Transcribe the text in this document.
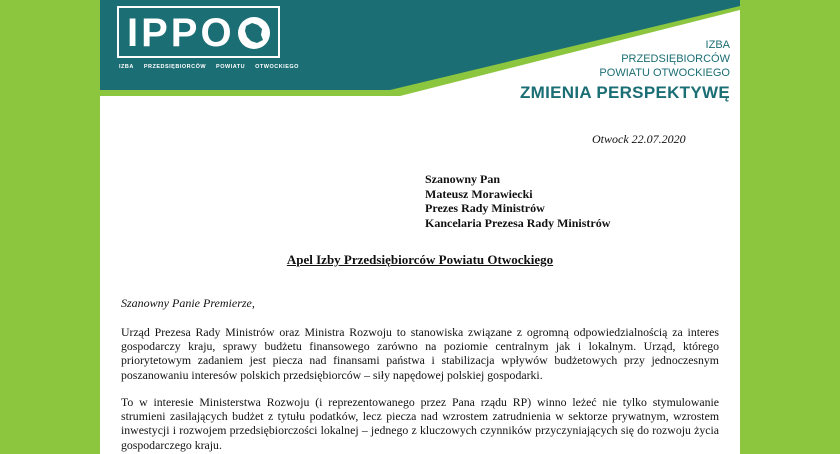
IPPO
IZBA PRZEDSIĘBIORCÓW POWIATU OTWOCKIEGO
IZBA
PRZEDSIĘBIORCÓW
POWIATU OTWOCKIEGO
ZMIENIA PERSPEKTYWĘ
Otwock 22.07.2020
Szanowny Pan
Mateusz Morawiecki
Prezes Rady Ministrów
Kancelaria Prezesa Rady Ministrów
Apel Izby Przedsiębiorców Powiatu Otwockiego
Szanowny Panie Premierze,
Urząd Prezesa Rady Ministrów oraz Ministra Rozwoju to stanowiska związane z ogromną odpowiedzialnością za interes gospodarczy kraju, sprawy budżetu finansowego zarówno na poziomie centralnym jak i lokalnym. Urząd, którego priorytetowym zadaniem jest piecza nad finansami państwa i stabilizacja wpływów budżetowych przy jednoczesnym poszanowaniu interesów polskich przedsiębiorców – siły napędowej polskiej gospodarki.
To w interesie Ministerstwa Rozwoju (i reprezentowanego przez Pana rządu RP) winno leżeć nie tylko stymulowanie strumieni zasilających budżet z tytułu podatków, lecz piecza nad wzrostem zatrudnienia w sektorze prywatnym, wzrostem inwestycji i rozwojem przedsiębiorczości lokalnej – jednego z kluczowych czynników przyczyniających się do rozwoju życia gospodarczego kraju.
